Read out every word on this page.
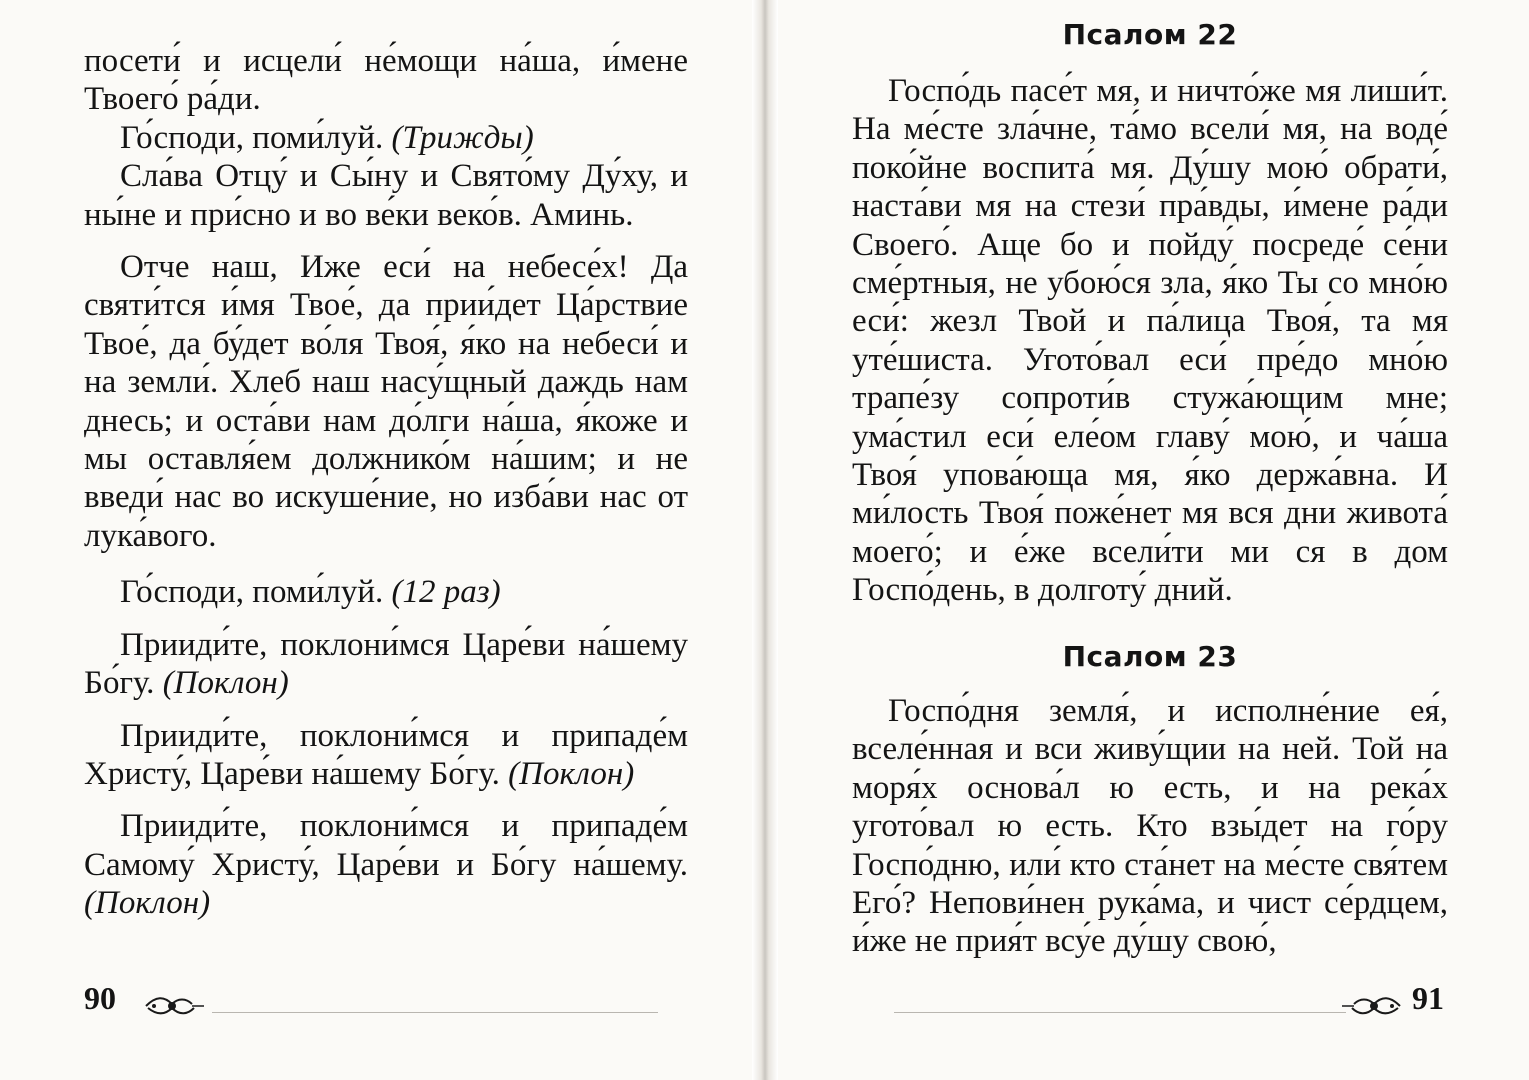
посети́ и исцели́ не́мощи на́ша, и́мене Твоего́ ра́ди.

Го́споди, поми́луй. (Трижды)

Сла́ва Отцу́ и Сы́ну и Свято́му Ду́ху, и ны́не и при́сно и во ве́ки веко́в. Аминь.

Отче наш, Иже еси́ на небесе́х! Да святи́тся и́мя Твое́, да прии́дет Ца́рствие Твое́, да бу́дет во́ля Твоя́, я́ко на небеси́ и на земли́. Хлеб наш насу́щный даждь нам днесь; и оста́ви нам до́лги на́ша, я́коже и мы оставля́ем должнико́м на́шим; и не введи́ нас во искуше́ние, но изба́ви нас от лука́вого.

Го́споди, поми́луй. (12 раз)

Прииди́те, поклони́мся Царе́ви на́шему Бо́гу. (Поклон)

Прииди́те, поклони́мся и припаде́м Христу́, Царе́ви на́шему Бо́гу. (Поклон)

Прииди́те, поклони́мся и припаде́м Самому́ Христу́, Царе́ви и Бо́гу на́шему. (Поклон)

90
Псалом 22

Госпо́дь пасе́т мя, и ничто́же мя лиши́т. На ме́сте зла́чне, та́мо всели́ мя, на воде́ поко́йне воспита́ мя. Ду́шу мою́ обрати́, наста́ви мя на стези́ пра́вды, и́мене ра́ди Своего́. Аще бо и пойду́ посреде́ се́ни сме́ртныя, не убою́ся зла, я́ко Ты со мно́ю еси́: жезл Твой и па́лица Твоя́, та мя уте́шиста. Угото́вал еси́ пре́до мно́ю трапе́зу сопроти́в стужа́ющим мне; ума́стил еси́ еле́ом главу́ мою́, и ча́ша Твоя́ упова́юща мя, я́ко держа́вна. И ми́лость Твоя́ поже́нет мя вся дни живота́ моего́; и е́же всели́ти ми ся в дом Госпо́день, в долготу́ дний.

Псалом 23

Госпо́дня земля́, и исполне́ние ея́, вселе́нная и вси живу́щии на ней. Той на моря́х основа́л ю есть, и на река́х угото́вал ю есть. Кто взы́дет на го́ру Госпо́дню, или́ кто ста́нет на ме́сте свя́тем Его́? Непови́нен рука́ма, и чист се́рдцем, и́же не прия́т всу́е ду́шу свою́,

91
